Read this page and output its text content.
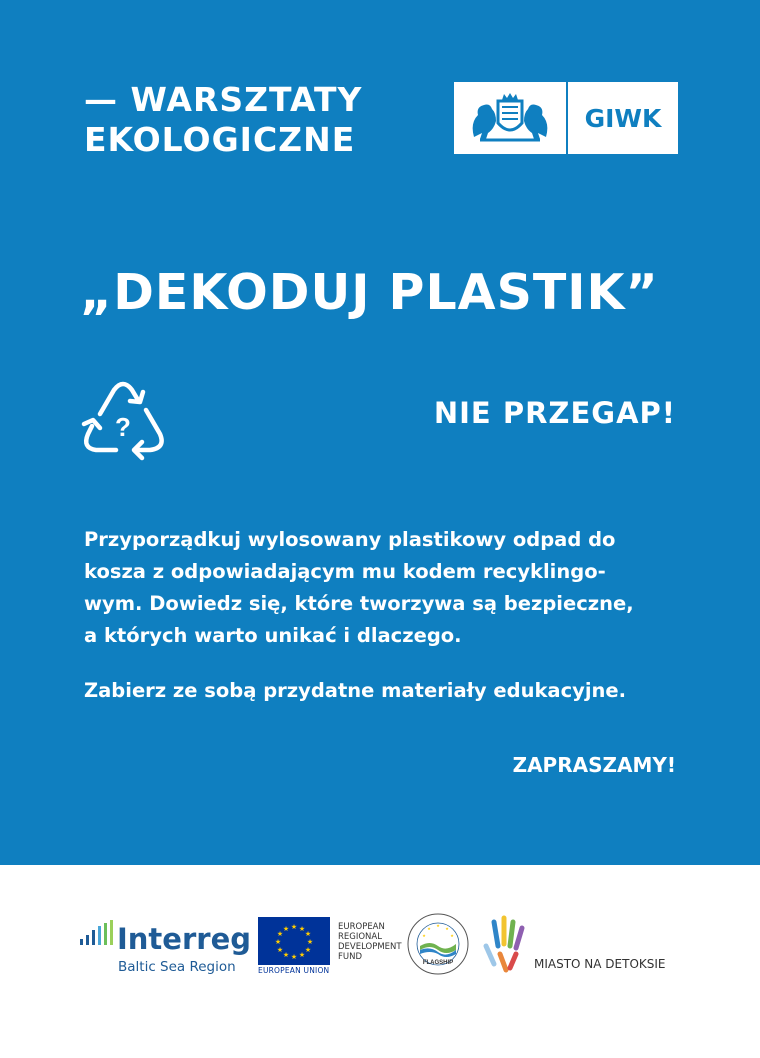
— WARSZTATY
EKOLOGICZNE
GIWK
„DEKODUJ PLASTIK”
?	NIE PRZEGAP!

Przyporządkuj wylosowany plastikowy odpad do
kosza z odpowiadającym mu kodem recyklingo-
wym. Dowiedz się, które tworzywa są bezpieczne,
a których warto unikać i dlaczego.

Zabierz ze sobą przydatne materiały edukacyjne.

ZAPRASZAMY!
Interreg
Baltic Sea Region
★ ★
★
★
★
★
★
★
★
★
★
★
EUROPEAN UNION
EUROPEAN
REGIONAL
DEVELOPMENT
FUND
★
★
★
★
★
FLAGSHIP	MIASTO NA DETOKSIE
